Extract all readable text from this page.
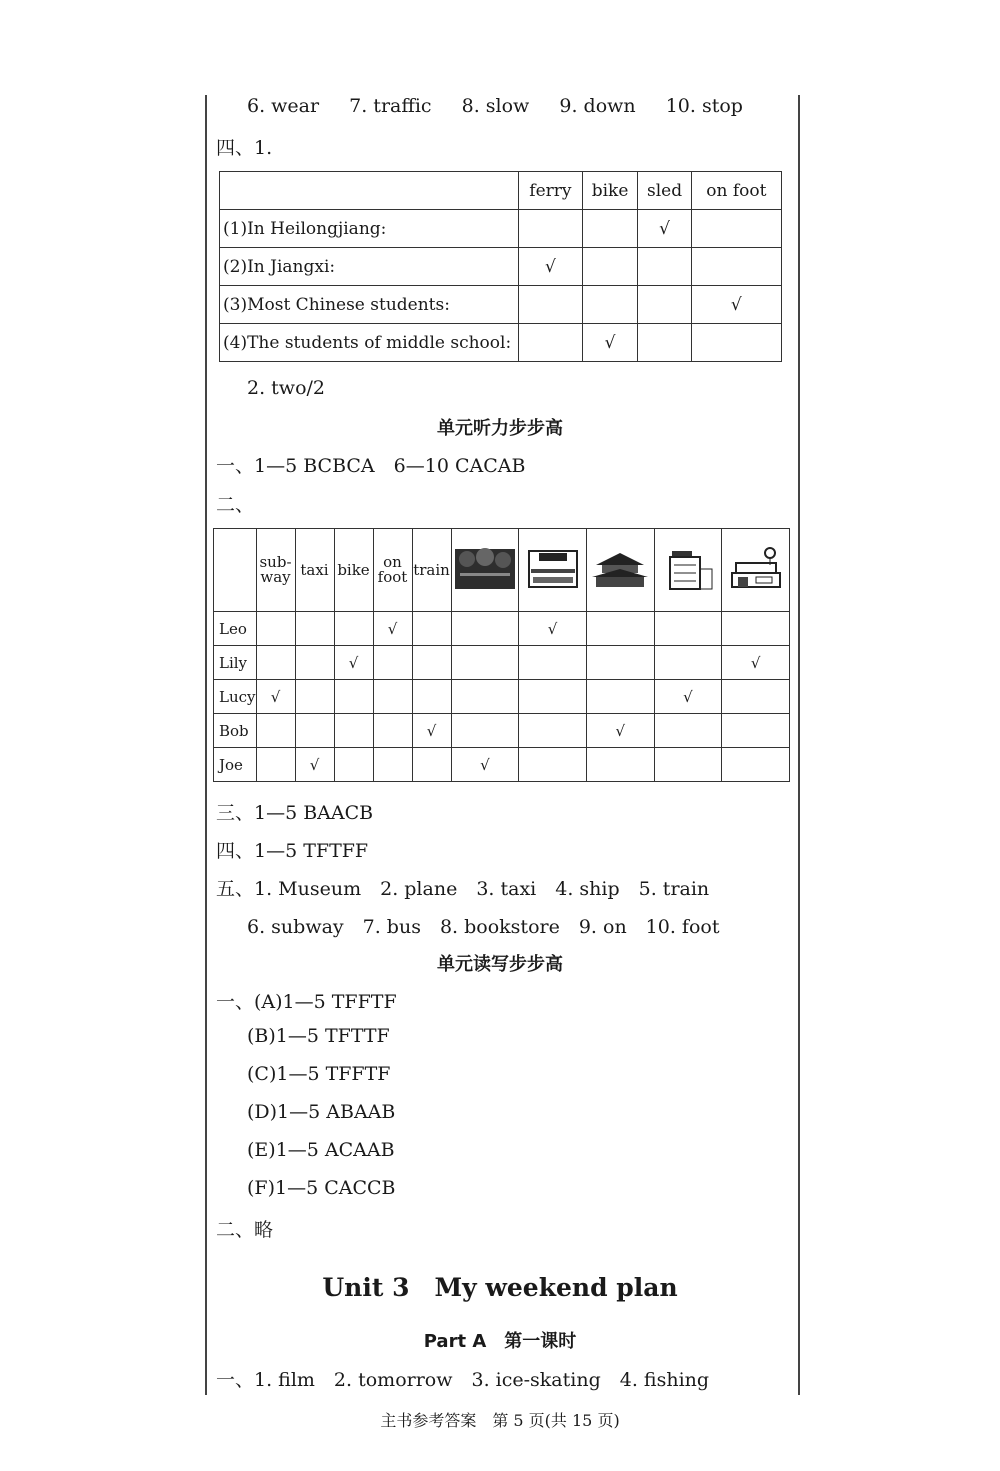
6. wear 7. traffic 8. slow 9. down 10. stop
四、1.
	ferry	bike	sled	on foot
(1)In Heilongjiang:			√	
(2)In Jiangxi:	√			
(3)Most Chinese students:				√
(4)The students of middle school:		√		
2. two/2
单元听力步步高
一、1—5 BCBCA　6—10 CACAB
二、
	sub-way	taxi	bike	on foot	train					
Leo				√			√			
Lily			√							√
Lucy	√								√	
Bob					√			√		
Joe		√				√				
三、1—5 BAACB
四、1—5 TFTFF
五、1. Museum　2. plane　3. taxi　4. ship　5. train
6. subway　7. bus　8. bookstore　9. on　10. foot
单元读写步步高
一、(A)1—5 TFFTF
(B)1—5 TFTTF
(C)1—5 TFFTF
(D)1—5 ABAAB
(E)1—5 ACAAB
(F)1—5 CACCB
二、略
Unit 3　My weekend plan
Part A　第一课时
一、1. film　2. tomorrow　3. ice-skating　4. fishing
主书参考答案　第 5 页(共 15 页)
